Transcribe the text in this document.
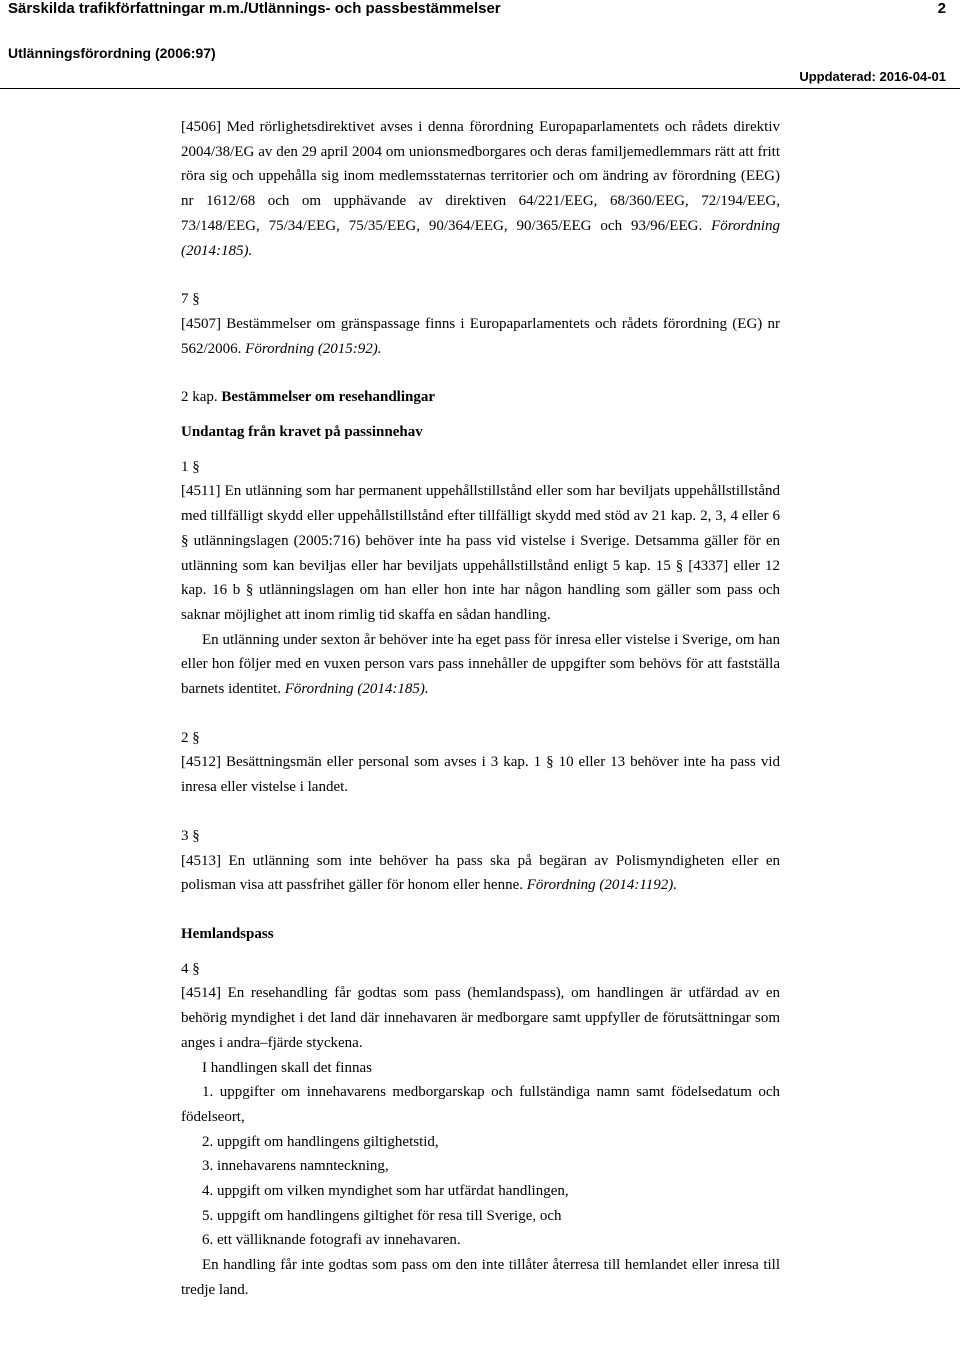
Särskilda trafikförfattningar m.m./Utlännings- och passbestämmelser	2
Utlänningsförordning (2006:97)
Uppdaterad: 2016-04-01

[4506] Med rörlighetsdirektivet avses i denna förordning Europaparlamentets och rådets direktiv 2004/38/EG av den 29 april 2004 om unionsmedborgares och deras familjemedlemmars rätt att fritt röra sig och uppehålla sig inom medlemsstaternas territorier och om ändring av förordning (EEG) nr 1612/68 och om upphävande av direktiven 64/221/EEG, 68/360/EEG, 72/194/EEG, 73/148/EEG, 75/34/EEG, 75/35/EEG, 90/364/EEG, 90/365/EEG och 93/96/EEG. Förordning (2014:185).

7 §

[4507] Bestämmelser om gränspassage finns i Europaparlamentets och rådets förordning (EG) nr 562/2006. Förordning (2015:92).

2 kap. Bestämmelser om resehandlingar

Undantag från kravet på passinnehav

1 §

[4511] En utlänning som har permanent uppehållstillstånd eller som har beviljats uppehållstillstånd med tillfälligt skydd eller uppehållstillstånd efter tillfälligt skydd med stöd av 21 kap. 2, 3, 4 eller 6 § utlänningslagen (2005:716) behöver inte ha pass vid vistelse i Sverige. Detsamma gäller för en utlänning som kan beviljas eller har beviljats uppehållstillstånd enligt 5 kap. 15 § [4337] eller 12 kap. 16 b § utlänningslagen om han eller hon inte har någon handling som gäller som pass och saknar möjlighet att inom rimlig tid skaffa en sådan handling.

En utlänning under sexton år behöver inte ha eget pass för inresa eller vistelse i Sverige, om han eller hon följer med en vuxen person vars pass innehåller de uppgifter som behövs för att fastställa barnets identitet. Förordning (2014:185).

2 §

[4512] Besättningsmän eller personal som avses i 3 kap. 1 § 10 eller 13 behöver inte ha pass vid inresa eller vistelse i landet.

3 §

[4513] En utlänning som inte behöver ha pass ska på begäran av Polismyndigheten eller en polisman visa att passfrihet gäller för honom eller henne. Förordning (2014:1192).

Hemlandspass

4 §

[4514] En resehandling får godtas som pass (hemlandspass), om handlingen är utfärdad av en behörig myndighet i det land där innehavaren är medborgare samt uppfyller de förutsättningar som anges i andra–fjärde styckena.

I handlingen skall det finnas

1. uppgifter om innehavarens medborgarskap och fullständiga namn samt födelsedatum och födelseort,

2. uppgift om handlingens giltighetstid,

3. innehavarens namnteckning,

4. uppgift om vilken myndighet som har utfärdat handlingen,

5. uppgift om handlingens giltighet för resa till Sverige, och

6. ett välliknande fotografi av innehavaren.

En handling får inte godtas som pass om den inte tillåter återresa till hemlandet eller inresa till tredje land.
